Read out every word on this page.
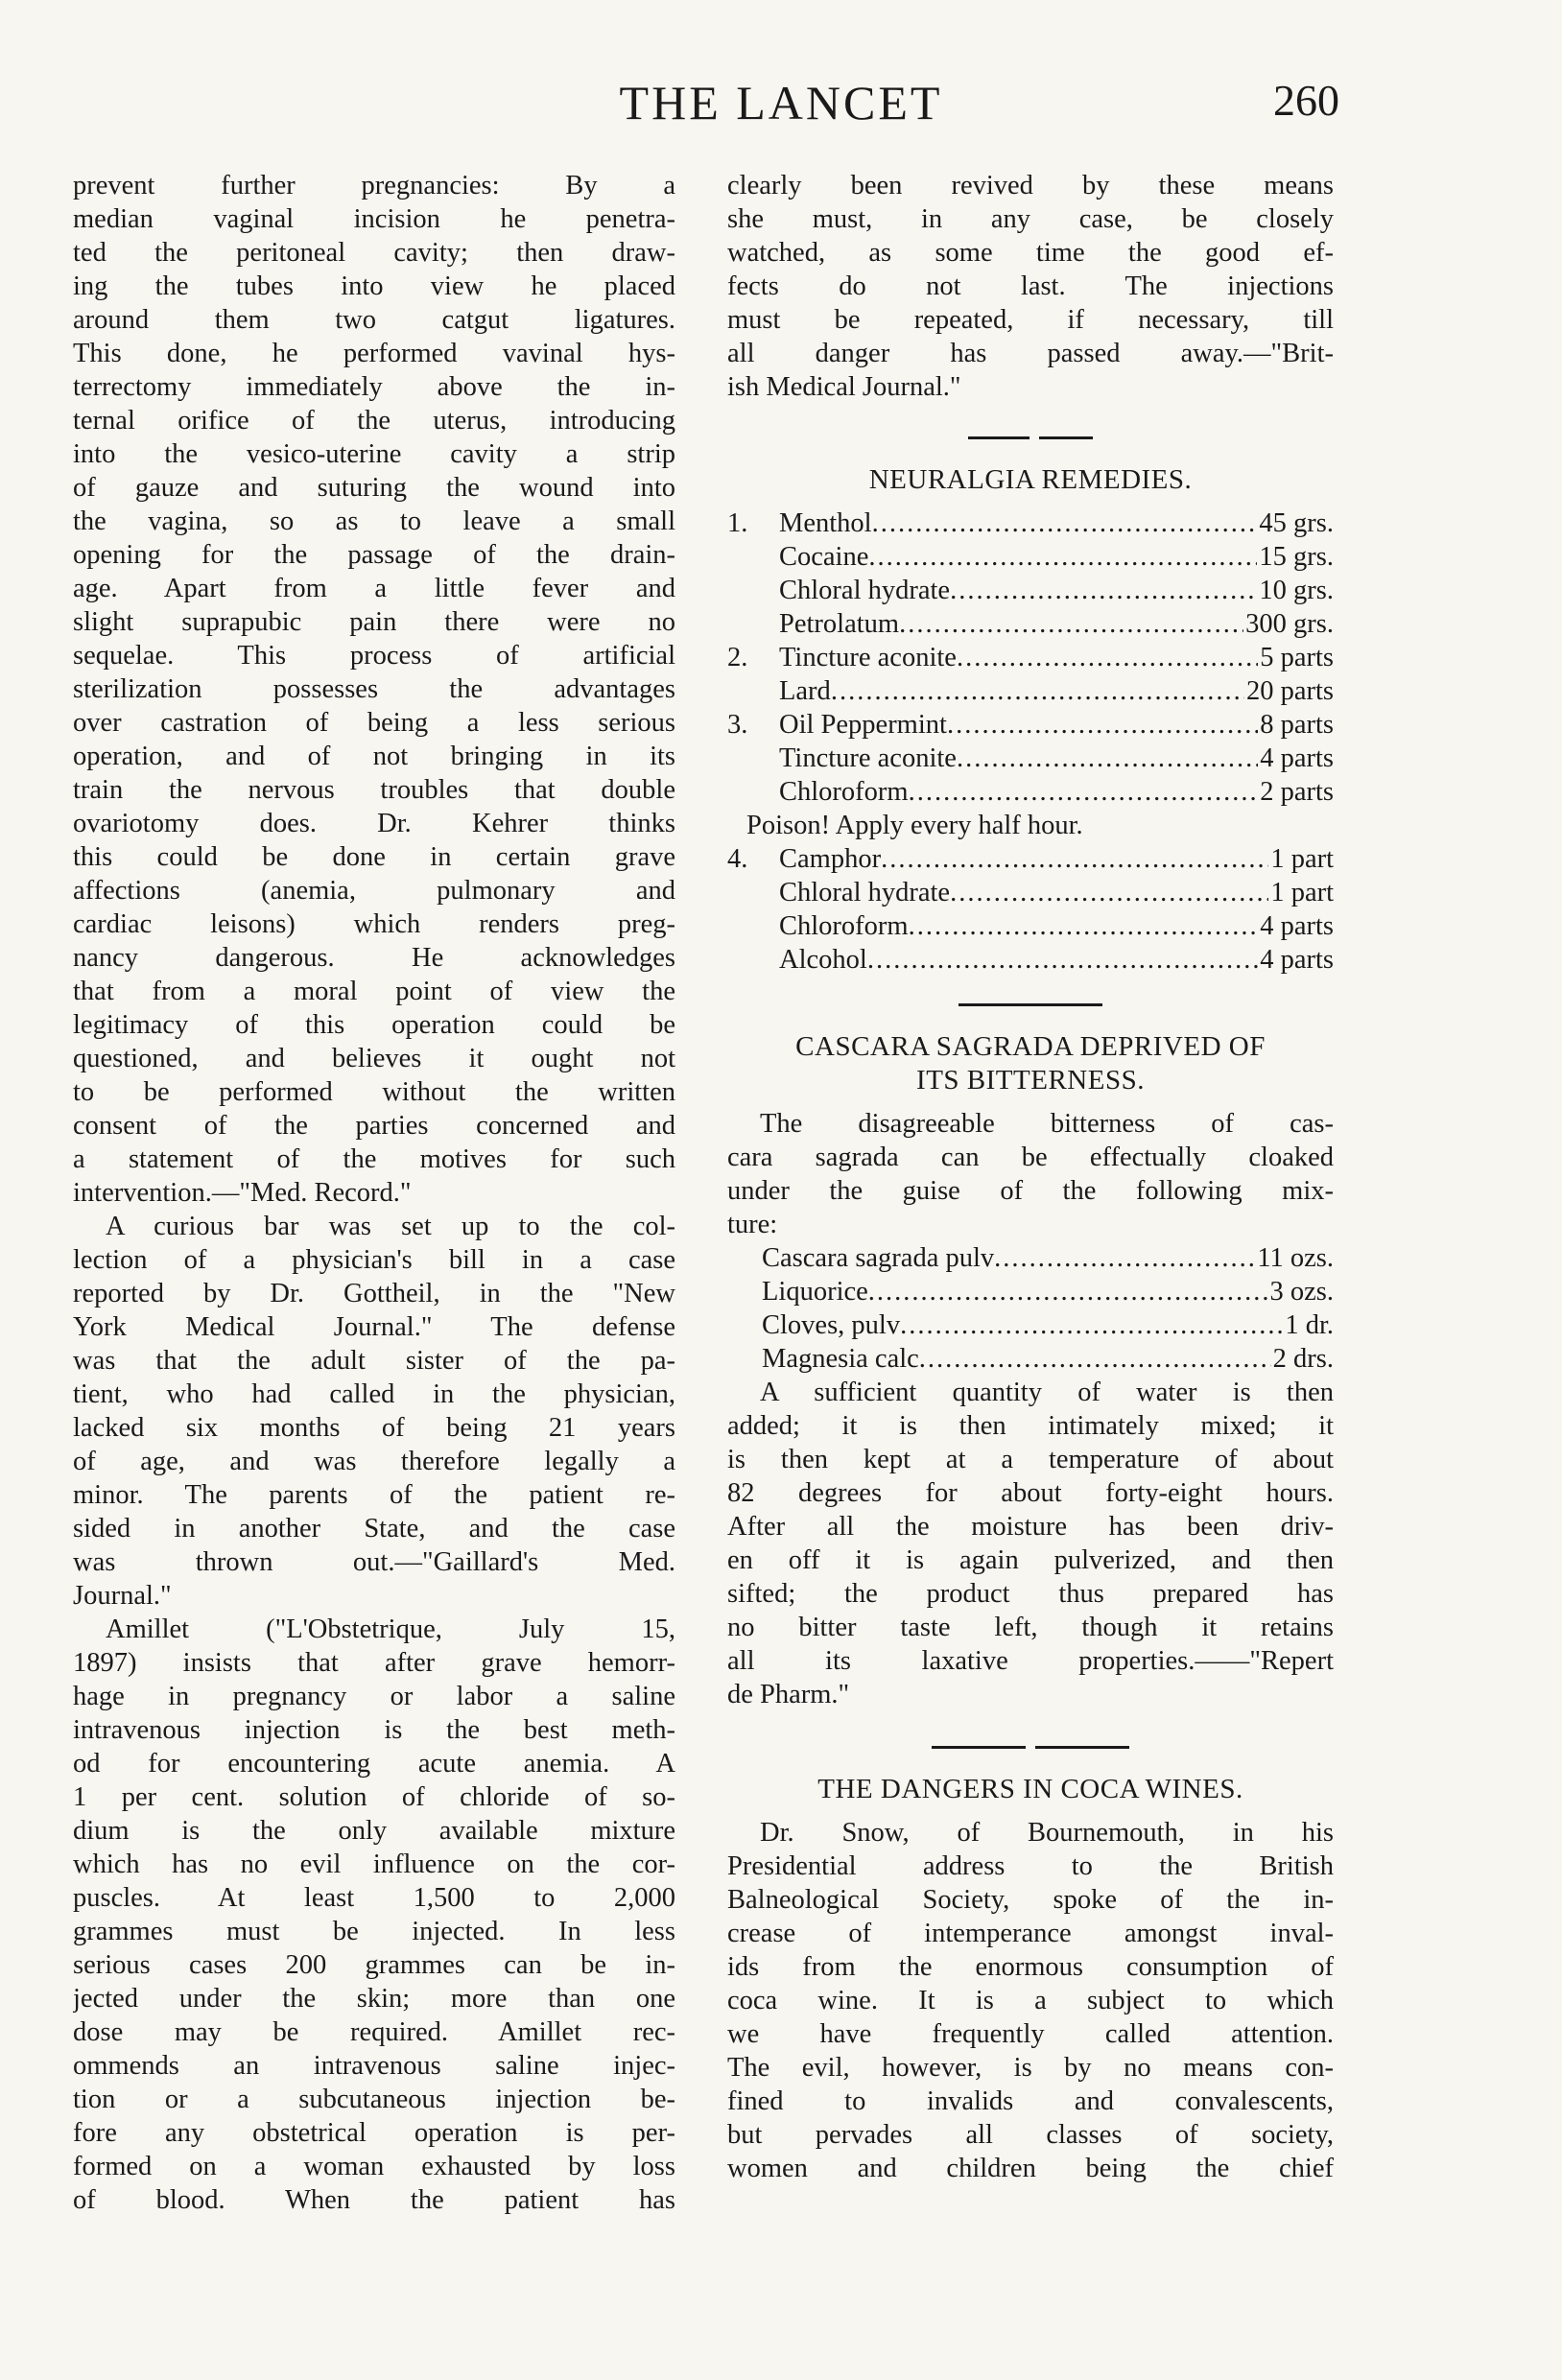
THE LANCET	260
prevent further pregnancies: By a
median vaginal incision he penetra-
ted the peritoneal cavity; then draw-
ing the tubes into view he placed
around them two catgut ligatures.
This done, he performed vavinal hys-
terrectomy immediately above the in-
ternal orifice of the uterus, introducing
into the vesico-uterine cavity a strip
of gauze and suturing the wound into
the vagina, so as to leave a small
opening for the passage of the drain-
age. Apart from a little fever and
slight suprapubic pain there were no
sequelae. This process of artificial
sterilization possesses the advantages
over castration of being a less serious
operation, and of not bringing in its
train the nervous troubles that double
ovariotomy does. Dr. Kehrer thinks
this could be done in certain grave
affections (anemia, pulmonary and
cardiac leisons) which renders preg-
nancy dangerous. He acknowledges
that from a moral point of view the
legitimacy of this operation could be
questioned, and believes it ought not
to be performed without the written
consent of the parties concerned and
a statement of the motives for such
intervention.—"Med. Record."
A curious bar was set up to the col-
lection of a physician's bill in a case
reported by Dr. Gottheil, in the "New
York Medical Journal." The defense
was that the adult sister of the pa-
tient, who had called in the physician,
lacked six months of being 21 years
of age, and was therefore legally a
minor. The parents of the patient re-
sided in another State, and the case
was thrown out.—"Gaillard's Med.
Journal."
Amillet ("L'Obstetrique, July 15,
1897) insists that after grave hemorr-
hage in pregnancy or labor a saline
intravenous injection is the best meth-
od for encountering acute anemia. A
1 per cent. solution of chloride of so-
dium is the only available mixture
which has no evil influence on the cor-
puscles. At least 1,500 to 2,000
grammes must be injected. In less
serious cases 200 grammes can be in-
jected under the skin; more than one
dose may be required. Amillet rec-
ommends an intravenous saline injec-
tion or a subcutaneous injection be-
fore any obstetrical operation is per-
formed on a woman exhausted by loss
of blood. When the patient has
clearly been revived by these means
she must, in any case, be closely
watched, as some time the good ef-
fects do not last. The injections
must be repeated, if necessary, till
all danger has passed away.—"Brit-
ish Medical Journal."
NEURALGIA REMEDIES.
1.	Menthol .....	45 grs.
Cocaine .....	15 grs.
Chloral hydrate .....	10 grs.
Petrolatum .....	300 grs.
2.	Tincture aconite .....	5 parts
Lard .....	20 parts
3.	Oil Peppermint .....	8 parts
Tincture aconite .....	4 parts
Chloroform .....	2 parts
Poison! Apply every half hour.
4.	Camphor .....	1 part
Chloral hydrate .....	1 part
Chloroform .....	4 parts
Alcohol .....	4 parts
CASCARA SAGRADA DEPRIVED OF
ITS BITTERNESS.
The disagreeable bitterness of cas-
cara sagrada can be effectually cloaked
under the guise of the following mix-
ture:
Cascara sagrada pulv .....	11 ozs.
Liquorice .....	3 ozs.
Cloves, pulv .....	1 dr.
Magnesia calc .....	2 drs.
A sufficient quantity of water is then
added; it is then intimately mixed; it
is then kept at a temperature of about
82 degrees for about forty-eight hours.
After all the moisture has been driv-
en off it is again pulverized, and then
sifted; the product thus prepared has
no bitter taste left, though it retains
all its laxative properties.——"Repert
de Pharm."
THE DANGERS IN COCA WINES.
Dr. Snow, of Bournemouth, in his
Presidential address to the British
Balneological Society, spoke of the in-
crease of intemperance amongst inval-
ids from the enormous consumption of
coca wine. It is a subject to which
we have frequently called attention.
The evil, however, is by no means con-
fined to invalids and convalescents,
but pervades all classes of society,
women and children being the chief
